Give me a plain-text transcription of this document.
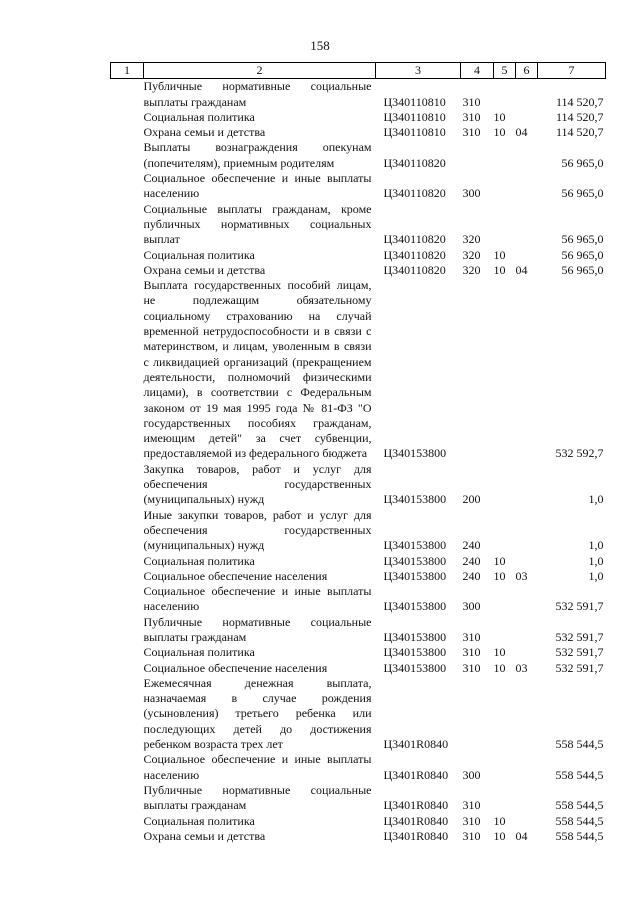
158
1	2	3	4	5	6	7
	Публичные нормативные социальные выплаты гражданам	Ц340110810	310			114 520,7
	Социальная политика	Ц340110810	310	10		114 520,7
	Охрана семьи и детства	Ц340110810	310	10	04	114 520,7
	Выплаты вознаграждения опекунам (попечителям), приемным родителям	Ц340110820				56 965,0
	Социальное обеспечение и иные выплаты населению	Ц340110820	300			56 965,0
	Социальные выплаты гражданам, кроме публичных нормативных социальных выплат	Ц340110820	320			56 965,0
	Социальная политика	Ц340110820	320	10		56 965,0
	Охрана семьи и детства	Ц340110820	320	10	04	56 965,0
	Выплата государственных пособий лицам, не подлежащим обязательному социальному страхованию на случай временной нетрудоспособности и в связи с материнством, и лицам, уволенным в связи с ликвидацией организаций (прекращением деятельности, полномочий физическими лицами), в соответствии с Федеральным законом от 19 мая 1995 года № 81-ФЗ "О государственных пособиях гражданам, имеющим детей" за счет субвенции, предоставляемой из федерального бюджета	Ц340153800				532 592,7
	Закупка товаров, работ и услуг для обеспечения государственных (муниципальных) нужд	Ц340153800	200			1,0
	Иные закупки товаров, работ и услуг для обеспечения государственных (муниципальных) нужд	Ц340153800	240			1,0
	Социальная политика	Ц340153800	240	10		1,0
	Социальное обеспечение населения	Ц340153800	240	10	03	1,0
	Социальное обеспечение и иные выплаты населению	Ц340153800	300			532 591,7
	Публичные нормативные социальные выплаты гражданам	Ц340153800	310			532 591,7
	Социальная политика	Ц340153800	310	10		532 591,7
	Социальное обеспечение населения	Ц340153800	310	10	03	532 591,7
	Ежемесячная денежная выплата, назначаемая в случае рождения (усыновления) третьего ребенка или последующих детей до достижения ребенком возраста трех лет	Ц3401R0840				558 544,5
	Социальное обеспечение и иные выплаты населению	Ц3401R0840	300			558 544,5
	Публичные нормативные социальные выплаты гражданам	Ц3401R0840	310			558 544,5
	Социальная политика	Ц3401R0840	310	10		558 544,5
	Охрана семьи и детства	Ц3401R0840	310	10	04	558 544,5
